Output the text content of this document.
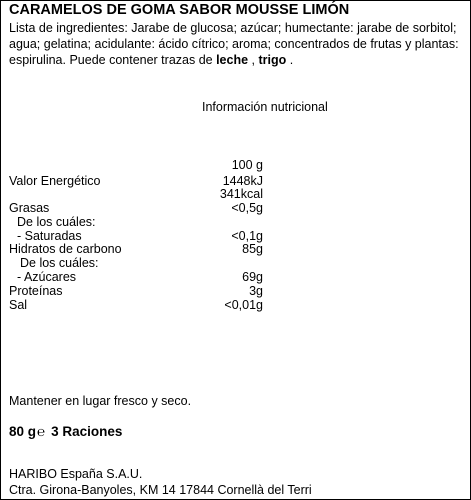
CARAMELOS DE GOMA SABOR MOUSSE LIMÓN
Lista de ingredientes: Jarabe de glucosa; azúcar; humectante: jarabe de sorbitol; agua; gelatina; acidulante: ácido cítrico; aroma; concentrados de frutas y plantas: espirulina. Puede contener trazas de leche , trigo .
Información nutricional
100 g
Valor Energético	1448kJ
341kcal
Grasas	<0,5g
De los cuáles:
- Saturadas	<0,1g
Hidratos de carbono	85g
De los cuáles:
- Azúcares	69g
Proteínas	3g
Sal	<0,01g
Mantener en lugar fresco y seco.
80 g℮ 3 Raciones
HARIBO España S.A.U.
Ctra. Girona-Banyoles, KM 14 17844 Cornellà del Terri
